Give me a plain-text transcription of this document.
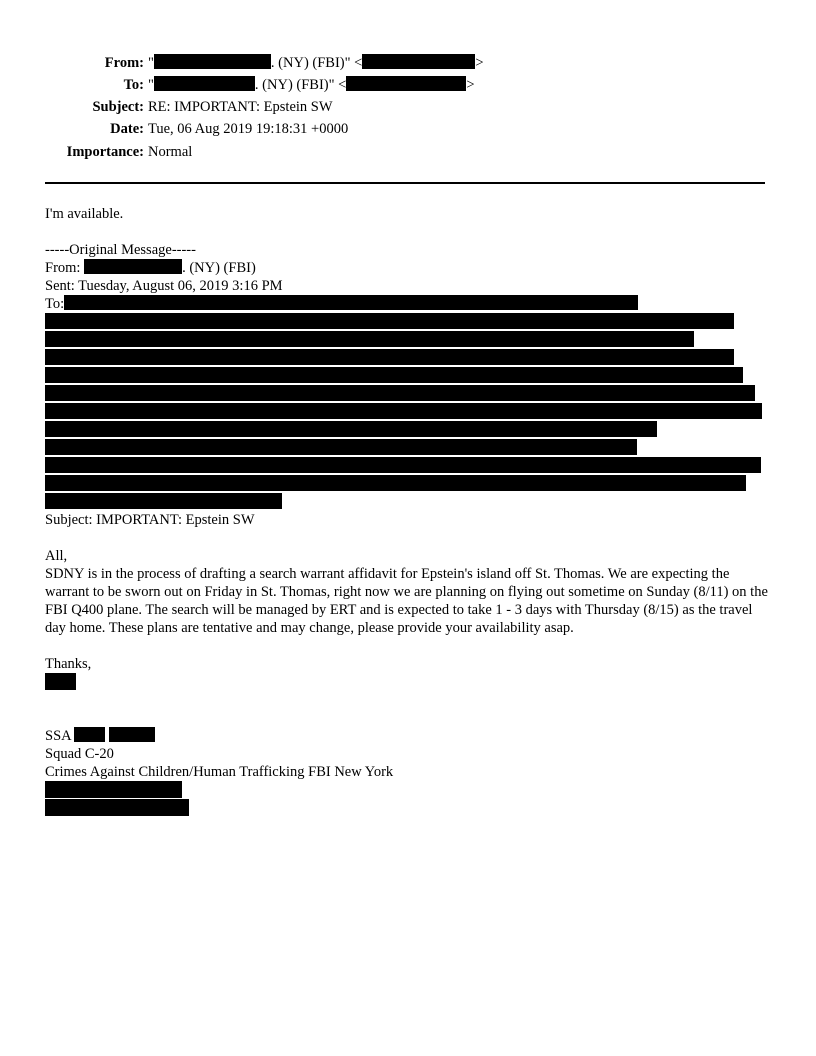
From: "	. (NY) (FBI)" <	>
To: "	. (NY) (FBI)" <	>
Subject: RE: IMPORTANT: Epstein SW
Date: Tue, 06 Aug 2019 19:18:31 +0000
Importance: Normal
I'm available.
-----Original Message-----
From:	. (NY) (FBI)
Sent: Tuesday, August 06, 2019 3:16 PM
To:
Subject: IMPORTANT: Epstein SW
All,
SDNY is in the process of drafting a search warrant affidavit for Epstein's island off St. Thomas. We are expecting the warrant to be sworn out on Friday in St. Thomas, right now we are planning on flying out sometime on Sunday (8/11) on the FBI Q400 plane. The search will be managed by ERT and is expected to take 1 - 3 days with Thursday (8/15) as the travel day home. These plans are tentative and may change, please provide your availability asap.
Thanks,
SSA
Squad C-20
Crimes Against Children/Human Trafficking FBI New York
